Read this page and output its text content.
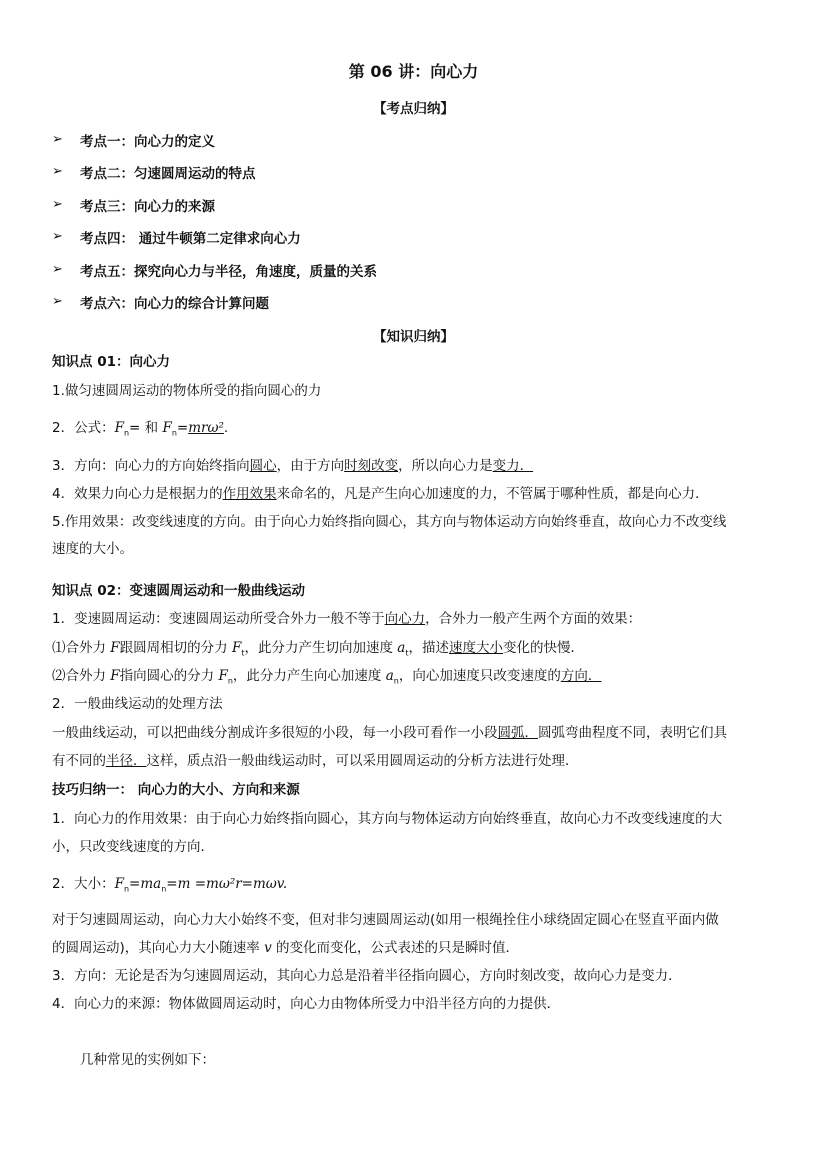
第 06 讲：向心力
【考点归纳】
➢ 考点一：向心力的定义
➢ 考点二：匀速圆周运动的特点
➢ 考点三：向心力的来源
➢ 考点四： 通过牛顿第二定律求向心力
➢ 考点五：探究向心力与半径，角速度，质量的关系
➢ 考点六：向心力的综合计算问题
【知识归纳】
知识点 01：向心力
1.做匀速圆周运动的物体所受的指向圆心的力
2．公式：$F_n=$ 和 $F_n=mr\omega^2$.
3．方向：向心力的方向始终指向圆心，由于方向时刻改变，所以向心力是变力．
4．效果力向心力是根据力的作用效果来命名的，凡是产生向心加速度的力，不管属于哪种性质，都是向心力．
5.作用效果：改变线速度的方向。由于向心力始终指向圆心，其方向与物体运动方向始终垂直，故向心力不改变线
速度的大小。
知识点 02：变速圆周运动和一般曲线运动
1．变速圆周运动：变速圆周运动所受合外力一般不等于向心力，合外力一般产生两个方面的效果：
⑴合外力 F跟圆周相切的分力 $F_t$，此分力产生切向加速度 $a_t$，描述速度大小变化的快慢．
⑵合外力 F指向圆心的分力 $F_n$，此分力产生向心加速度 $a_n$，向心加速度只改变速度的方向．
2．一般曲线运动的处理方法
一般曲线运动，可以把曲线分割成许多很短的小段，每一小段可看作一小段圆弧．圆弧弯曲程度不同，表明它们具
有不同的半径．这样，质点沿一般曲线运动时，可以采用圆周运动的分析方法进行处理．
技巧归纳一： 向心力的大小、方向和来源
1．向心力的作用效果：由于向心力始终指向圆心，其方向与物体运动方向始终垂直，故向心力不改变线速度的大
小，只改变线速度的方向．
2．大小：$F_n=ma_n=m =m\omega^2r=m\omega v$.
对于匀速圆周运动，向心力大小始终不变，但对非匀速圆周运动(如用一根绳拴住小球绕固定圆心在竖直平面内做
的圆周运动)，其向心力大小随速率 v 的变化而变化，公式表述的只是瞬时值．
3．方向：无论是否为匀速圆周运动，其向心力总是沿着半径指向圆心，方向时刻改变，故向心力是变力．
4．向心力的来源：物体做圆周运动时，向心力由物体所受力中沿半径方向的力提供．
几种常见的实例如下：
